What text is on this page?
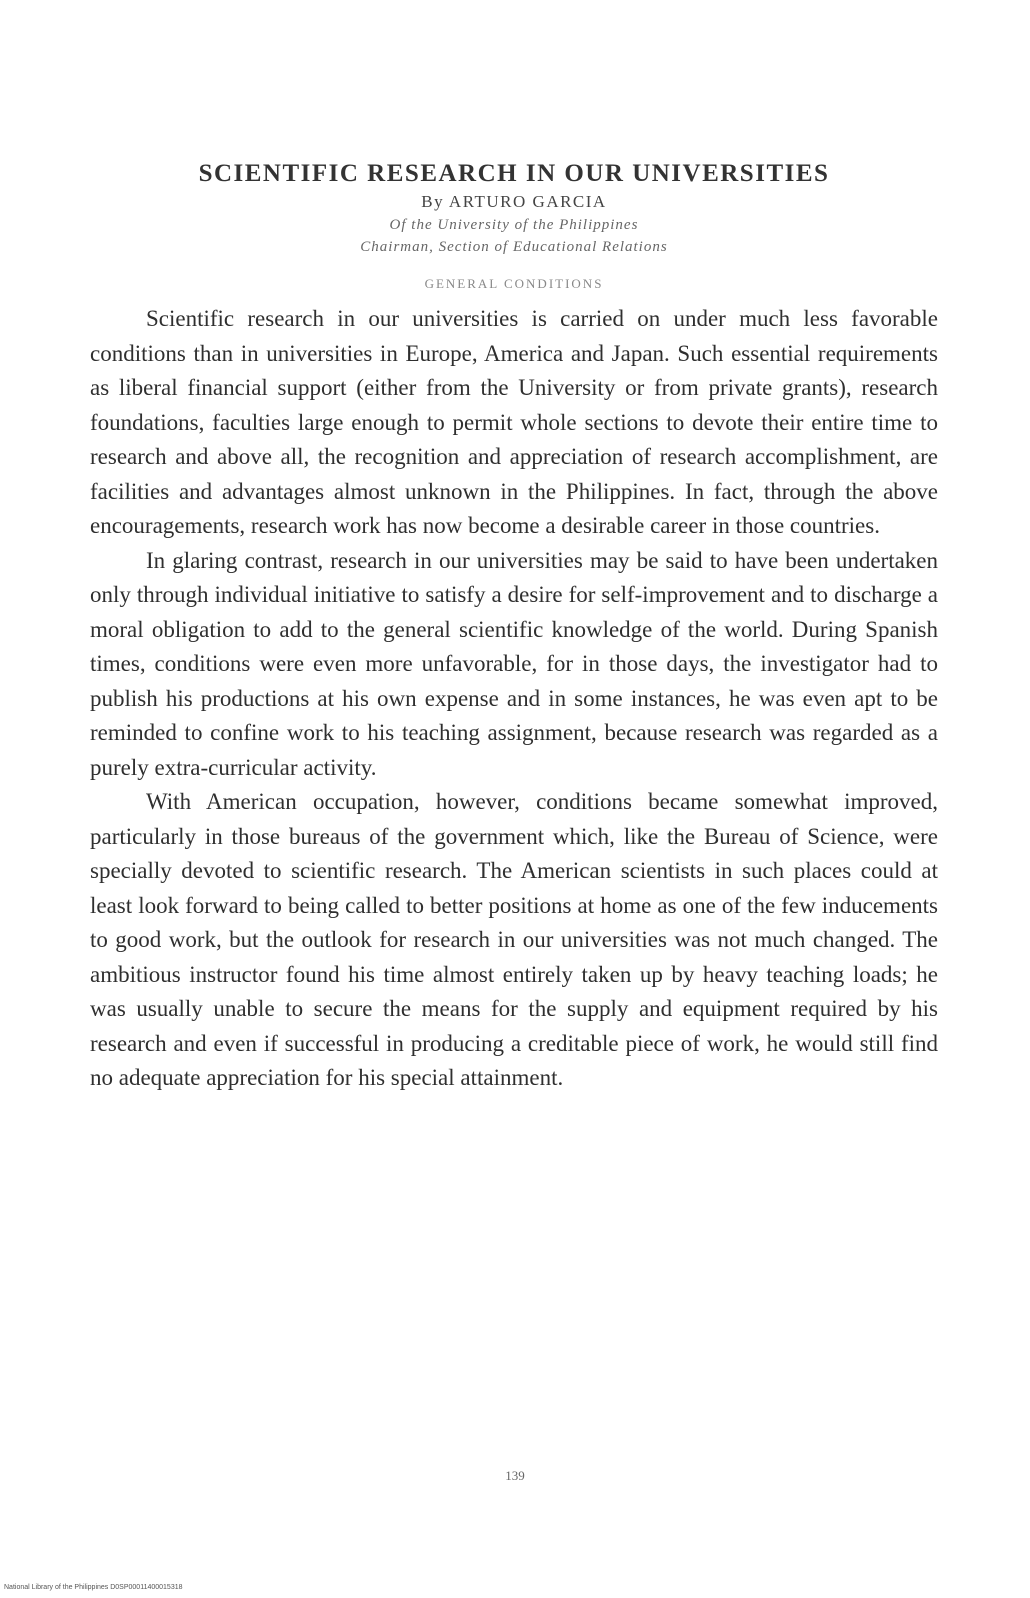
SCIENTIFIC RESEARCH IN OUR UNIVERSITIES
By ARTURO GARCIA
Of the University of the Philippines
Chairman, Section of Educational Relations
GENERAL CONDITIONS

Scientific research in our universities is carried on under much less favorable conditions than in universities in Europe, America and Japan. Such essential requirements as liberal financial support (either from the University or from private grants), research foundations, faculties large enough to permit whole sections to devote their entire time to research and above all, the recognition and appreciation of research accomplishment, are facilities and advantages almost unknown in the Philippines. In fact, through the above encouragements, research work has now become a desirable career in those countries.

In glaring contrast, research in our universities may be said to have been undertaken only through individual initiative to satisfy a desire for self-improvement and to discharge a moral obligation to add to the general scientific knowledge of the world. During Spanish times, conditions were even more unfavorable, for in those days, the investigator had to publish his productions at his own expense and in some instances, he was even apt to be reminded to confine work to his teaching assignment, because research was regarded as a purely extra-curricular activity.

With American occupation, however, conditions became somewhat improved, particularly in those bureaus of the government which, like the Bureau of Science, were specially devoted to scientific research. The American scientists in such places could at least look forward to being called to better positions at home as one of the few inducements to good work, but the outlook for research in our universities was not much changed. The ambitious instructor found his time almost entirely taken up by heavy teaching loads; he was usually unable to secure the means for the supply and equipment required by his research and even if successful in producing a creditable piece of work, he would still find no adequate appreciation for his special attainment.

139
National Library of the Philippines D0SP00011400015318
